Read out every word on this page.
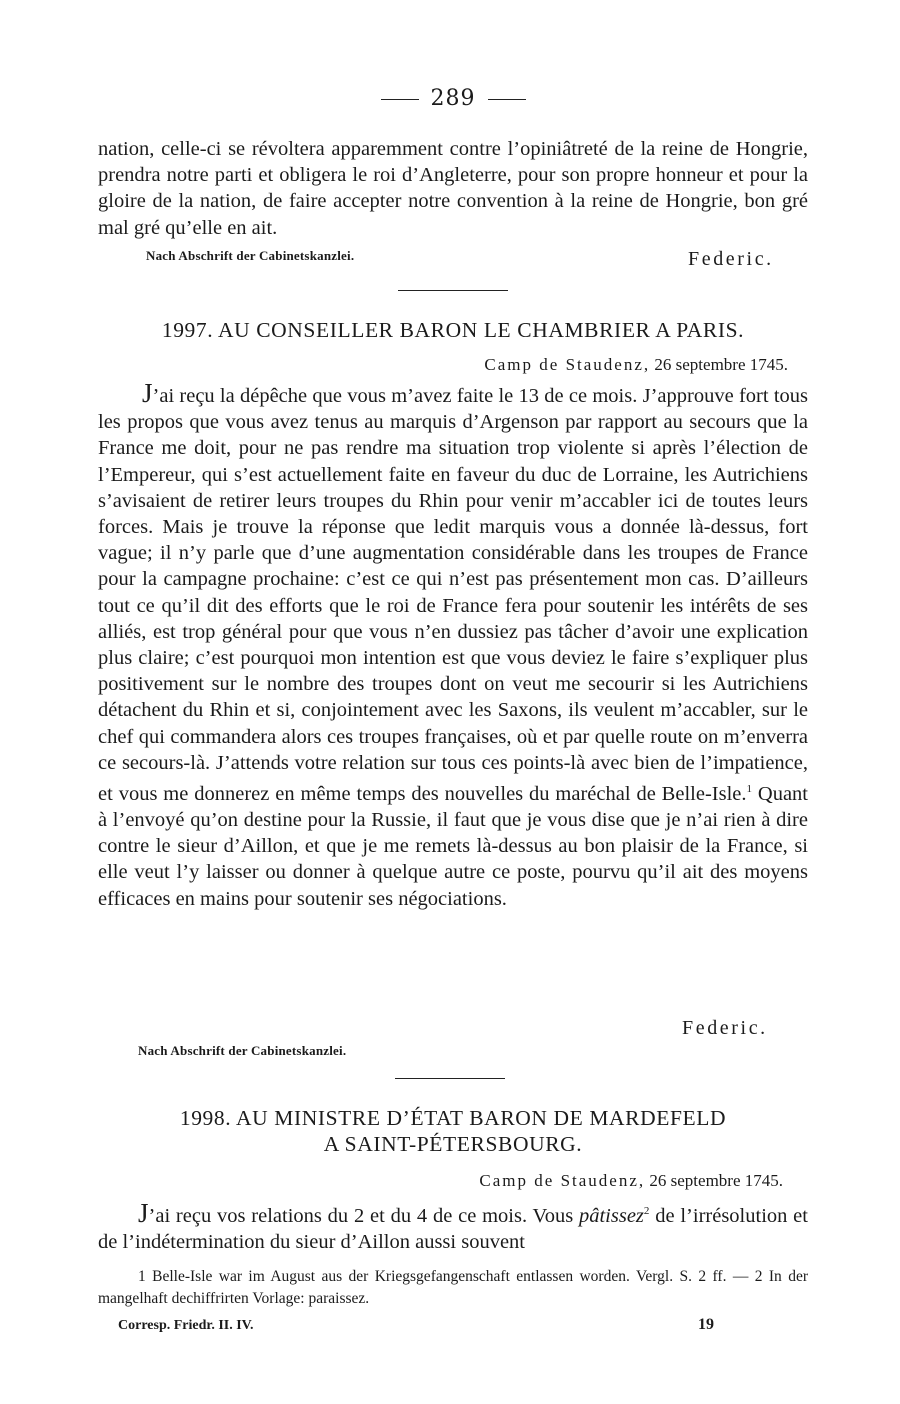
289

nation, celle-ci se révoltera apparemment contre l’opiniâtreté de la reine de Hongrie, prendra notre parti et obligera le roi d’Angleterre, pour son propre honneur et pour la gloire de la nation, de faire accepter notre convention à la reine de Hongrie, bon gré mal gré qu’elle en ait.

Nach Abschrift der Cabinetskanzlei.	Federic.
1997. AU CONSEILLER BARON LE CHAMBRIER A PARIS.
Camp de Staudenz, 26 septembre 1745.

J’ai reçu la dépêche que vous m’avez faite le 13 de ce mois. J’approuve fort tous les propos que vous avez tenus au marquis d’Argenson par rapport au secours que la France me doit, pour ne pas rendre ma situation trop violente si après l’élection de l’Empereur, qui s’est actuellement faite en faveur du duc de Lorraine, les Autrichiens s’avisaient de retirer leurs troupes du Rhin pour venir m’accabler ici de toutes leurs forces. Mais je trouve la réponse que ledit marquis vous a donnée là-dessus, fort vague; il n’y parle que d’une augmentation considérable dans les troupes de France pour la campagne prochaine: c’est ce qui n’est pas présentement mon cas. D’ailleurs tout ce qu’il dit des efforts que le roi de France fera pour soutenir les intérêts de ses alliés, est trop général pour que vous n’en dussiez pas tâcher d’avoir une explication plus claire; c’est pourquoi mon intention est que vous deviez le faire s’expliquer plus positivement sur le nombre des troupes dont on veut me secourir si les Autrichiens détachent du Rhin et si, conjointement avec les Saxons, ils veulent m’accabler, sur le chef qui commandera alors ces troupes françaises, où et par quelle route on m’enverra ce secours-là. J’attends votre relation sur tous ces points-là avec bien de l’impatience, et vous me donnerez en même temps des nouvelles du maréchal de Belle-Isle.$^1$ Quant à l’envoyé qu’on destine pour la Russie, il faut que je vous dise que je n’ai rien à dire contre le sieur d’Aillon, et que je me remets là-dessus au bon plaisir de la France, si elle veut l’y laisser ou donner à quelque autre ce poste, pourvu qu’il ait des moyens efficaces en mains pour soutenir ses négociations.

Federic.
Nach Abschrift der Cabinetskanzlei.
1998. AU MINISTRE D’ÉTAT BARON DE MARDEFELD
A SAINT-PÉTERSBOURG.
Camp de Staudenz, 26 septembre 1745.

J’ai reçu vos relations du 2 et du 4 de ce mois. Vous pâtissez$^2$ de l’irrésolution et de l’indétermination du sieur d’Aillon aussi souvent

1 Belle-Isle war im August aus der Kriegsgefangenschaft entlassen worden. Vergl. S. 2 ff. — 2 In der mangelhaft dechiffrirten Vorlage: paraissez.

Corresp. Friedr. II. IV.	19
